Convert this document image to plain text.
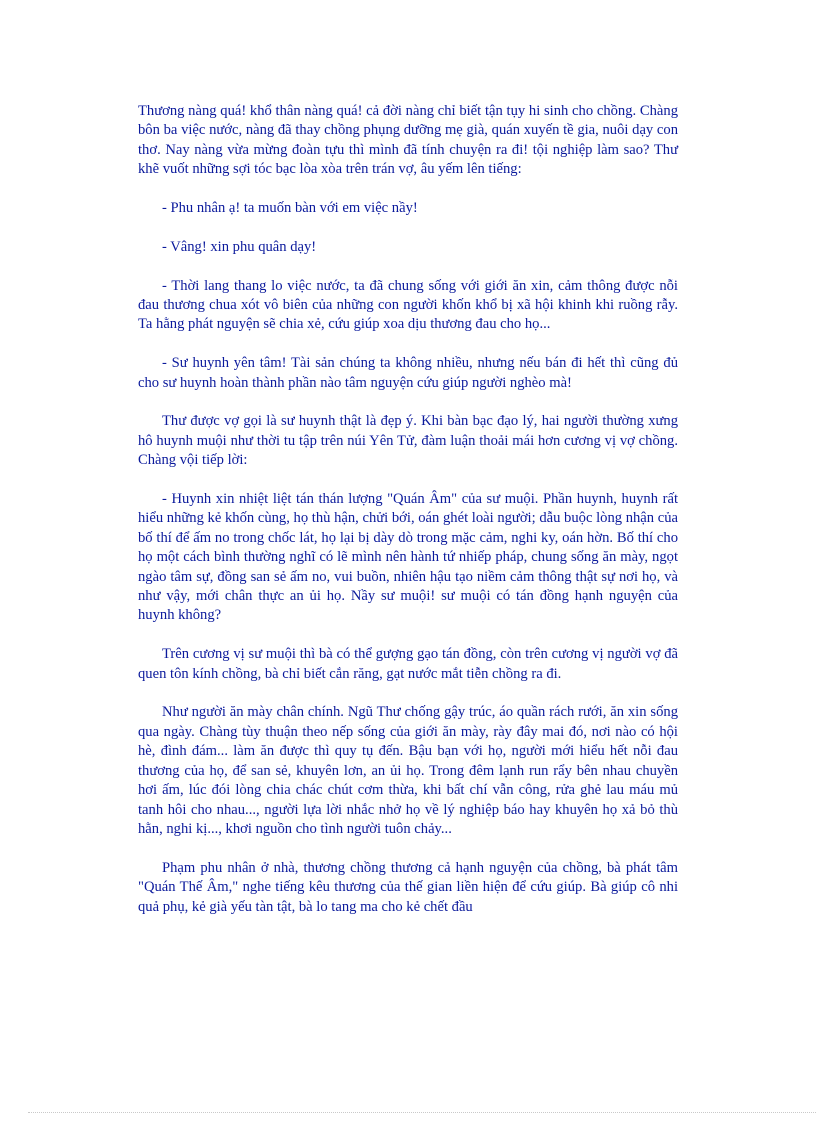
Thương nàng quá! khổ thân nàng quá! cả đời nàng chỉ biết tận tụy hi sinh cho chồng. Chàng bôn ba việc nước, nàng đã thay chồng phụng dưỡng mẹ già, quán xuyến tề gia, nuôi dạy con thơ. Nay nàng vừa mừng đoàn tựu thì mình đã tính chuyện ra đi! tội nghiệp làm sao? Thư khẽ vuốt những sợi tóc bạc lòa xòa trên trán vợ, âu yếm lên tiếng:

- Phu nhân ạ! ta muốn bàn với em việc nầy!

- Vâng! xin phu quân dạy!

- Thời lang thang lo việc nước, ta đã chung sống với giới ăn xin, cảm thông được nỗi đau thương chua xót vô biên của những con người khốn khổ bị xã hội khinh khi ruồng rẫy. Ta hằng phát nguyện sẽ chia xẻ, cứu giúp xoa dịu thương đau cho họ...

- Sư huynh yên tâm! Tài sản chúng ta không nhiều, nhưng nếu bán đi hết thì cũng đủ cho sư huynh hoàn thành phần nào tâm nguyện cứu giúp người nghèo mà!

Thư được vợ gọi là sư huynh thật là đẹp ý. Khi bàn bạc đạo lý, hai người thường xưng hô huynh muội như thời tu tập trên núi Yên Tử, đàm luận thoải mái hơn cương vị vợ chồng. Chàng vội tiếp lời:

- Huynh xin nhiệt liệt tán thán lượng "Quán Âm" của sư muội. Phần huynh, huynh rất hiểu những kẻ khốn cùng, họ thù hận, chửi bới, oán ghét loài người; dẫu buộc lòng nhận của bố thí để ấm no trong chốc lát, họ lại bị dày dò trong mặc cảm, nghi ky, oán hờn. Bố thí cho họ một cách bình thường nghĩ có lẽ mình nên hành tứ nhiếp pháp, chung sống ăn mày, ngọt ngào tâm sự, đồng san sẻ ấm no, vui buồn, nhiên hậu tạo niềm cảm thông thật sự nơi họ, và như vậy, mới chân thực an ủi họ. Nầy sư muội! sư muội có tán đồng hạnh nguyện của huynh không?

Trên cương vị sư muội thì bà có thể gượng gạo tán đồng, còn trên cương vị người vợ đã quen tôn kính chồng, bà chỉ biết cắn răng, gạt nước mắt tiễn chồng ra đi.

Như người ăn mày chân chính. Ngũ Thư chống gậy trúc, áo quần rách rưới, ăn xin sống qua ngày. Chàng tùy thuận theo nếp sống của giới ăn mày, rày đây mai đó, nơi nào có hội hè, đình đám... làm ăn được thì quy tụ đến. Bậu bạn với họ, người mới hiểu hết nỗi đau thương của họ, để san sẻ, khuyên lơn, an ủi họ. Trong đêm lạnh run rẩy bên nhau chuyền hơi ấm, lúc đói lòng chia chác chút cơm thừa, khi bất chí vẫn công, rửa ghẻ lau máu mủ tanh hôi cho nhau..., người lựa lời nhắc nhở họ về lý nghiệp báo hay khuyên họ xả bỏ thù hằn, nghi kị..., khơi nguồn cho tình người tuôn chảy...

Phạm phu nhân ở nhà, thương chồng thương cả hạnh nguyện của chồng, bà phát tâm "Quán Thế Âm," nghe tiếng kêu thương của thế gian liền hiện để cứu giúp. Bà giúp cô nhi quả phụ, kẻ già yếu tàn tật, bà lo tang ma cho kẻ chết đầu
